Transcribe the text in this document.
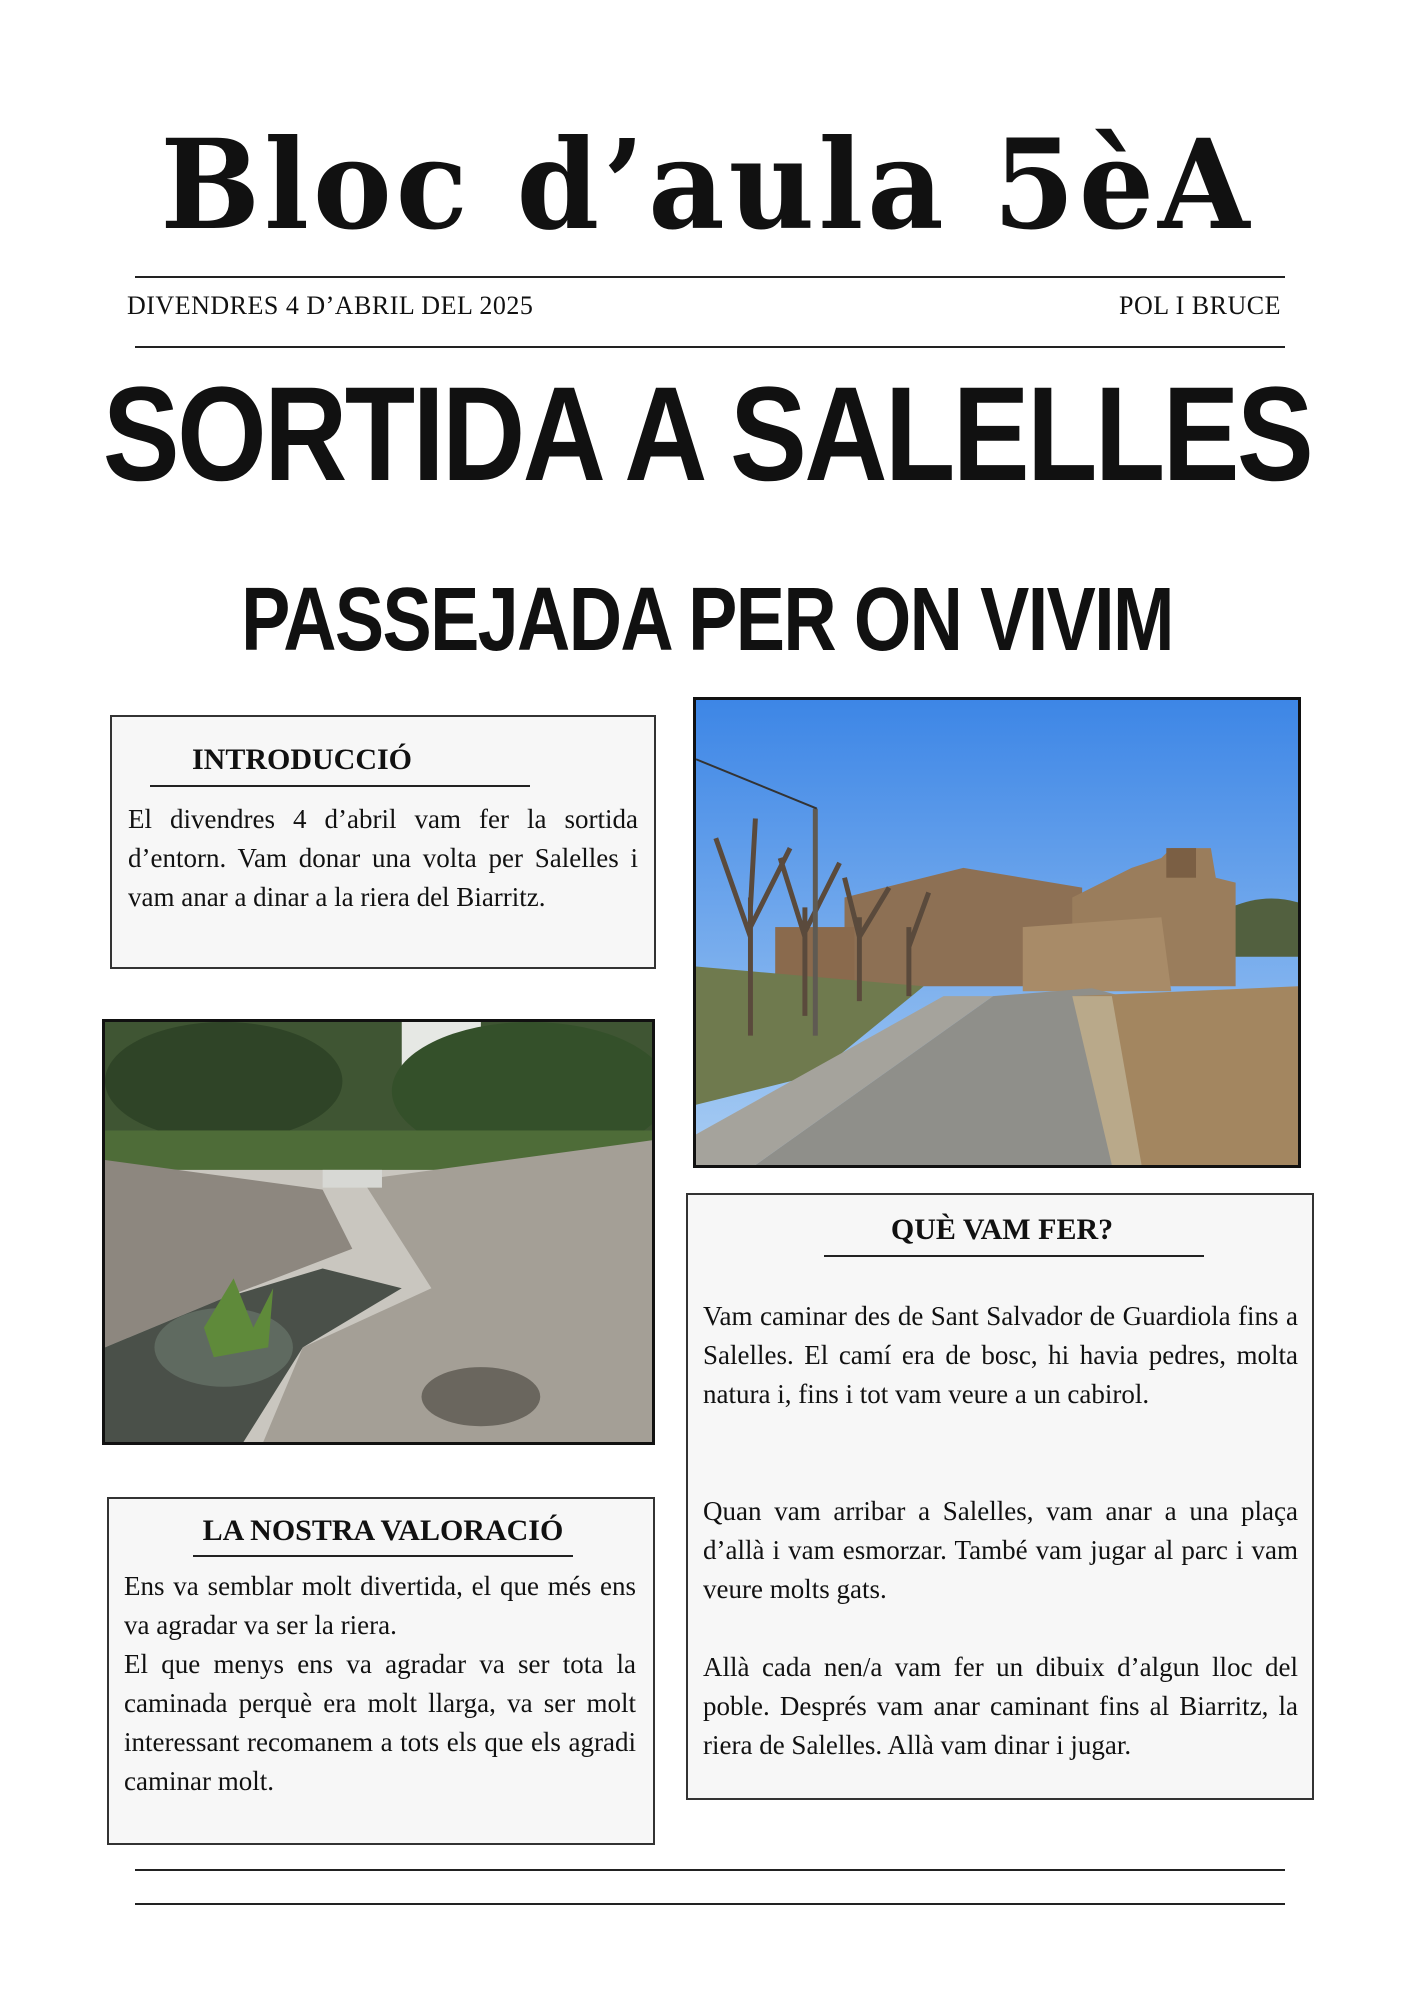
Bloc d’aula 5èA
DIVENDRES 4 D’ABRIL DEL 2025	POL I BRUCE
SORTIDA A SALELLES
PASSEJADA PER ON VIVIM
INTRODUCCIÓ
El divendres 4 d’abril vam fer la sortida d’entorn. Vam donar una volta per Salelles i vam anar a dinar a la riera del Biarritz.
QUÈ VAM FER?
Vam caminar des de Sant Salvador de Guardiola fins a Salelles. El camí era de bosc, hi havia pedres, molta natura i, fins i tot vam veure a un cabirol.
Quan vam arribar a Salelles, vam anar a una plaça d’allà i vam esmorzar. També vam jugar al parc i vam veure molts gats.
Allà cada nen/a vam fer un dibuix d’algun lloc del poble. Després vam anar caminant fins al Biarritz, la riera de Salelles. Allà vam dinar i jugar.
LA NOSTRA VALORACIÓ
Ens va semblar molt divertida, el que més ens va agradar va ser la riera.
El que menys ens va agradar va ser tota la caminada perquè era molt llarga, va ser molt interessant recomanem a tots els que els agradi caminar molt.
